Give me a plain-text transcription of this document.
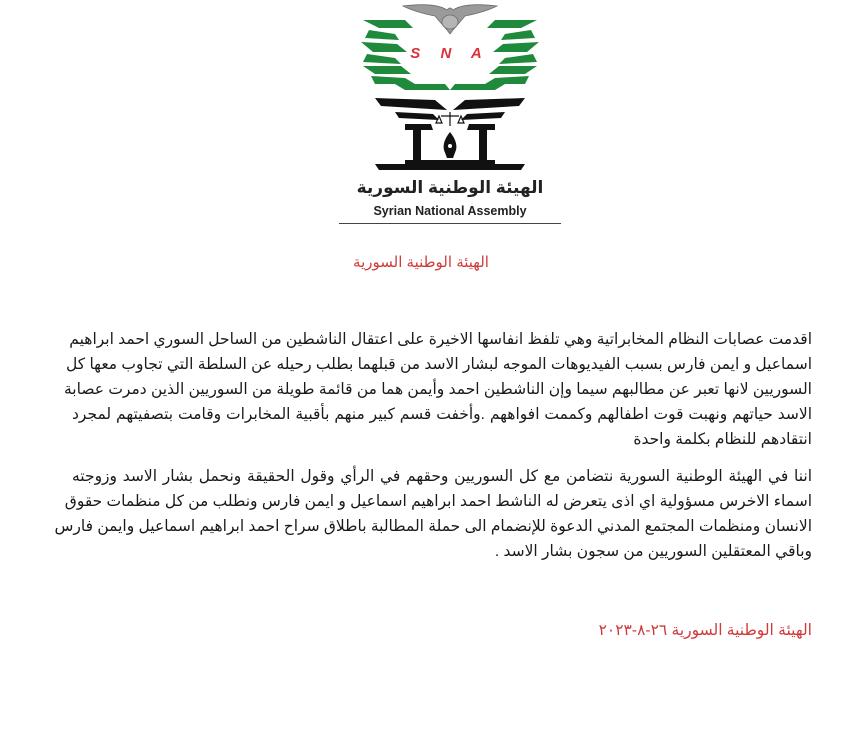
S N A
الهيئة الوطنية السورية
Syrian National Assembly
الهيئة الوطنية السورية
اقدمت عصابات النظام المخابراتية وهي تلفظ انفاسها الاخيرة على اعتقال الناشطين من الساحل السوري احمد ابراهيم
اسماعيل و ايمن فارس بسبب الفيديوهات الموجه لبشار الاسد من قبلهما بطلب رحيله عن السلطة التي تجاوب معها كل
السوريين لانها تعبر عن مطالبهم سيما وإن الناشطين احمد وأيمن هما من قائمة طويلة من السوريين الذين دمرت عصابة
الاسد حياتهم ونهبت قوت اطفالهم وكممت افواههم .وأخفت قسم كبير منهم بأقبية المخابرات وقامت بتصفيتهم لمجرد
انتقادهم للنظام بكلمة واحدة
اننا في الهيئة الوطنية السورية نتضامن مع كل السوريين وحقهم في الرأي وقول الحقيقة ونحمل بشار الاسد وزوجته
اسماء الاخرس مسؤولية اي اذى يتعرض له الناشط احمد ابراهيم اسماعيل و ايمن فارس ونطلب من كل منظمات حقوق
الانسان ومنظمات المجتمع المدني الدعوة للإنضمام الى حملة المطالبة باطلاق سراح احمد ابراهيم اسماعيل وايمن فارس
وباقي المعتقلين السوريين من سجون بشار الاسد .
الهيئة الوطنية السورية ٢٦-٨-٢٠٢٣
